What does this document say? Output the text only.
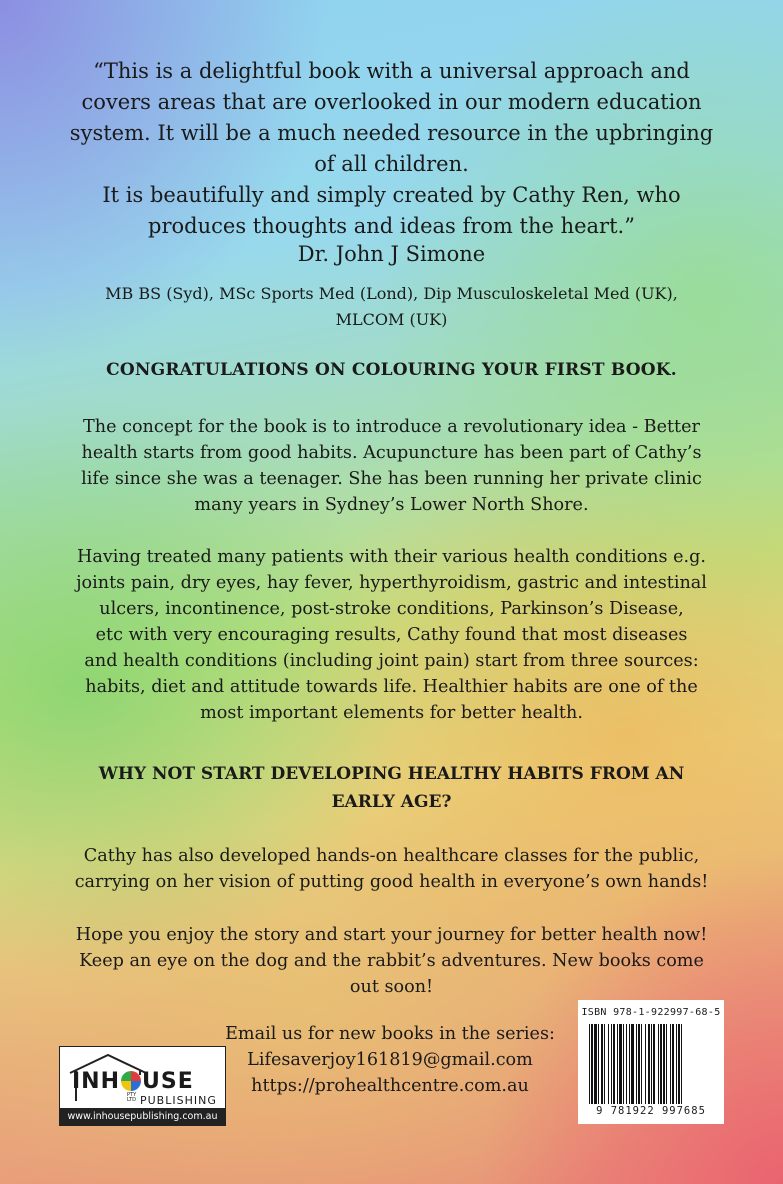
“This is a delightful book with a universal approach and
covers areas that are overlooked in our modern education
system. It will be a much needed resource in the upbringing
of all children.
It is beautifully and simply created by Cathy Ren, who
produces thoughts and ideas from the heart.”
Dr. John J Simone
MB BS (Syd), MSc Sports Med (Lond), Dip Musculoskeletal Med (UK),
MLCOM (UK)
CONGRATULATIONS ON COLOURING YOUR FIRST BOOK.
The concept for the book is to introduce a revolutionary idea - Better
health starts from good habits. Acupuncture has been part of Cathy’s
life since she was a teenager. She has been running her private clinic
many years in Sydney’s Lower North Shore.
Having treated many patients with their various health conditions e.g.
joints pain, dry eyes, hay fever, hyperthyroidism, gastric and intestinal
ulcers, incontinence, post-stroke conditions, Parkinson’s Disease,
etc with very encouraging results, Cathy found that most diseases
and health conditions (including joint pain) start from three sources:
habits, diet and attitude towards life. Healthier habits are one of the
most important elements for better health.
WHY NOT START DEVELOPING HEALTHY HABITS FROM AN
EARLY AGE?
Cathy has also developed hands-on healthcare classes for the public,
carrying on her vision of putting good health in everyone’s own hands!
Hope you enjoy the story and start your journey for better health now!
Keep an eye on the dog and the rabbit’s adventures. New books come
out soon!
Email us for new books in the series:
Lifesaverjoy161819@gmail.com
https://prohealthcentre.com.au
INH USE
PTY
LTD PUBLISHING
www.inhousepublishing.com.au
ISBN 978-1-922997-68-5
9 781922 997685
